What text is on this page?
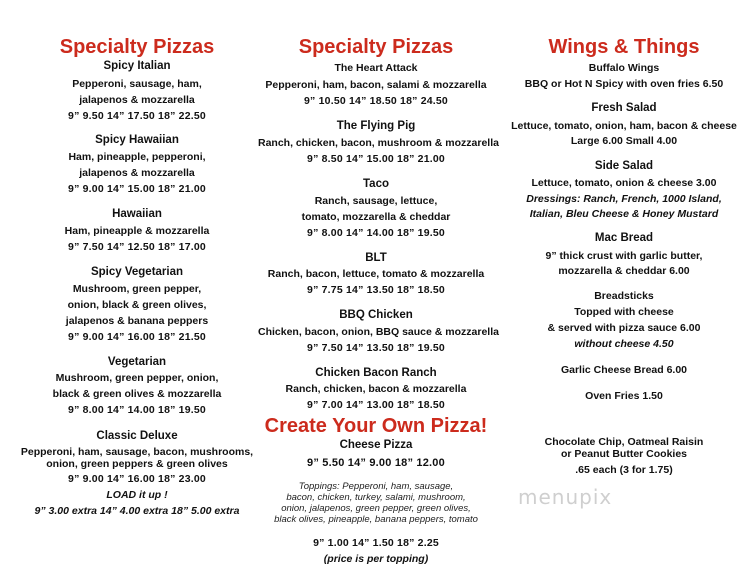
Specialty Pizzas
Spicy Italian
Pepperoni, sausage, ham,
jalapenos & mozzarella
9” 9.50 14” 17.50 18” 22.50
Spicy Hawaiian
Ham, pineapple, pepperoni,
jalapenos & mozzarella
9” 9.00 14” 15.00 18” 21.00
Hawaiian
Ham, pineapple & mozzarella
9” 7.50 14” 12.50 18” 17.00
Spicy Vegetarian
Mushroom, green pepper,
onion, black & green olives,
jalapenos & banana peppers
9” 9.00 14” 16.00 18” 21.50
Vegetarian
Mushroom, green pepper, onion,
black & green olives & mozzarella
9” 8.00 14” 14.00 18” 19.50
Classic Deluxe
Pepperoni, ham, sausage, bacon, mushrooms,
onion, green peppers & green olives
9” 9.00 14” 16.00 18” 23.00
LOAD it up !
9” 3.00 extra 14” 4.00 extra 18” 5.00 extra
Specialty Pizzas
The Heart Attack
Pepperoni, ham, bacon, salami & mozzarella
9” 10.50 14” 18.50 18” 24.50
The Flying Pig
Ranch, chicken, bacon, mushroom & mozzarella
9” 8.50 14” 15.00 18” 21.00
Taco
Ranch, sausage, lettuce,
tomato, mozzarella & cheddar
9” 8.00 14” 14.00 18” 19.50
BLT
Ranch, bacon, lettuce, tomato & mozzarella
9” 7.75 14” 13.50 18” 18.50
BBQ Chicken
Chicken, bacon, onion, BBQ sauce & mozzarella
9” 7.50 14” 13.50 18” 19.50
Chicken Bacon Ranch
Ranch, chicken, bacon & mozzarella
9” 7.00 14” 13.00 18” 18.50
Create Your Own Pizza!
Cheese Pizza
9” 5.50 14” 9.00 18” 12.00
Toppings: Pepperoni, ham, sausage,
bacon, chicken, turkey, salami, mushroom,
onion, jalapenos, green pepper, green olives,
black olives, pineapple, banana peppers, tomato
9” 1.00 14” 1.50 18” 2.25
(price is per topping)
Wings & Things
Buffalo Wings
BBQ or Hot N Spicy with oven fries 6.50
Fresh Salad
Lettuce, tomato, onion, ham, bacon & cheese
Large 6.00 Small 4.00
Side Salad
Lettuce, tomato, onion & cheese 3.00
Dressings: Ranch, French, 1000 Island,
Italian, Bleu Cheese & Honey Mustard
Mac Bread
9” thick crust with garlic butter,
mozzarella & cheddar 6.00
Breadsticks
Topped with cheese
& served with pizza sauce 6.00
without cheese 4.50
Garlic Cheese Bread 6.00
Oven Fries 1.50
Chocolate Chip, Oatmeal Raisin
or Peanut Butter Cookies
.65 each (3 for 1.75)
menupix
